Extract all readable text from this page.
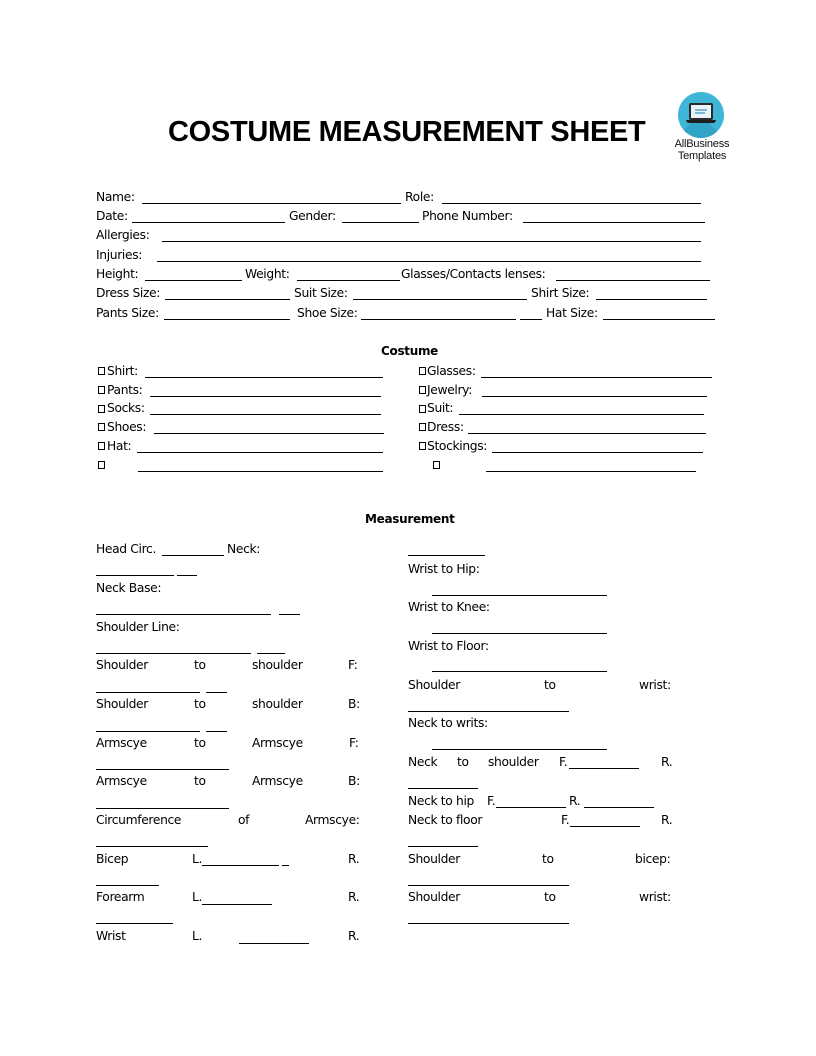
COSTUME MEASUREMENT SHEET	AllBusiness
Templates
Name:	Role:
Date:	Gender:	Phone Number:
Allergies:
Injuries:
Height:	Weight:	Glasses/Contacts lenses:
Dress Size:	Suit Size:	Shirt Size:
Pants Size:	Shoe Size:	Hat Size:
Costume
Shirt:
Pants:
Socks:
Shoes:
Hat:
Glasses:
Jewelry:
Suit:
Dress:
Stockings:
Measurement
Head Circ.	Neck:
Neck Base:
Shoulder Line:
Shoulder	to	shoulder	F:
Shoulder	to	shoulder	B:
Armscye	to	Armscye	F:
Armscye	to	Armscye	B:
Circumference	of	Armscye:
Bicep	L.	R.
Forearm	L.	R.
Wrist	L.	R.
Wrist to Hip:
Wrist to Knee:
Wrist to Floor:
Shoulder	to	wrist:
Neck to writs:
Neck to shoulder F.	R.
Neck to hip F.	R.
Neck to floor	F.	R.
Shoulder	to	bicep:
Shoulder	to	wrist:
